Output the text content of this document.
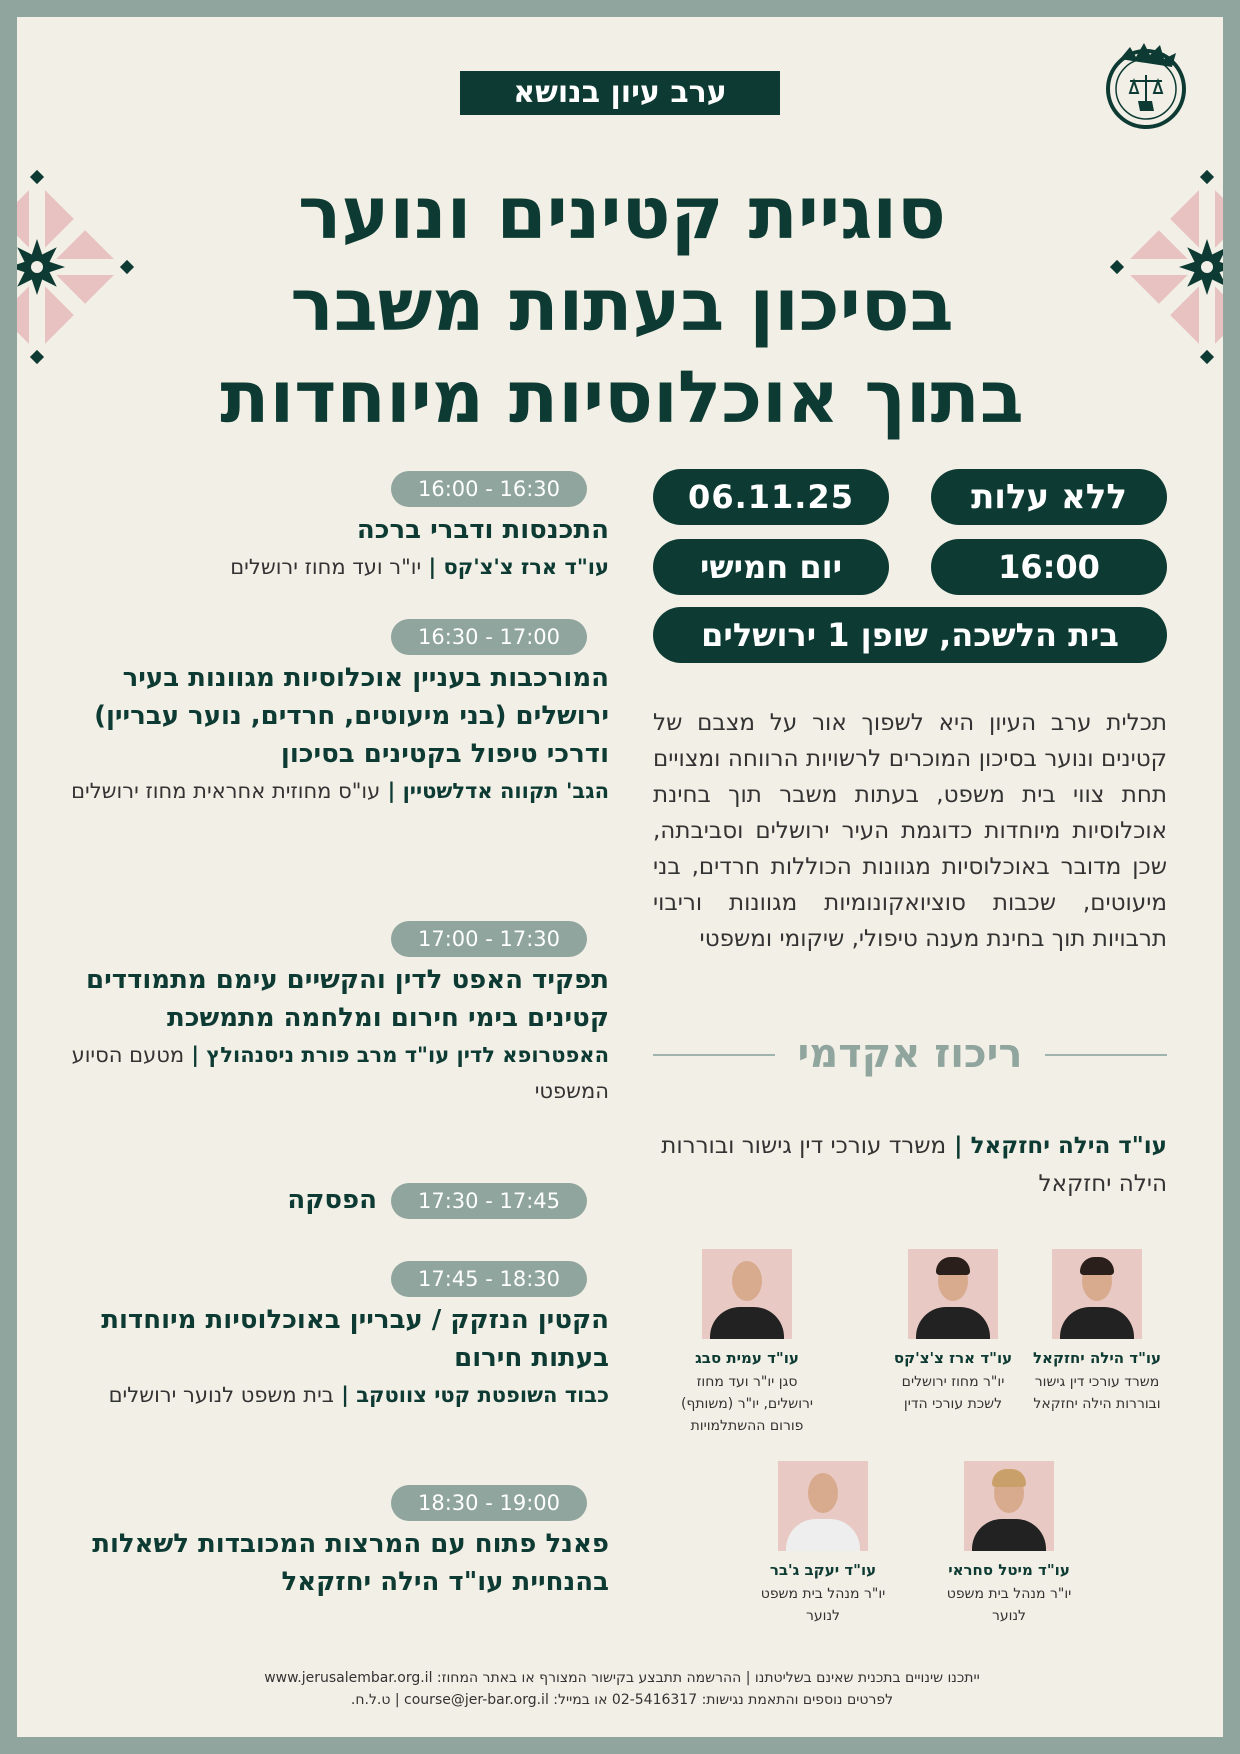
ערב עיון בנושא
סוגיית קטינים ונוער
בסיכון בעתות משבר
בתוך אוכלוסיות מיוחדות
ללא עלות
06.11.25
16:00
יום חמישי
בית הלשכה, שופן 1 ירושלים
תכלית ערב העיון היא לשפוך אור על מצבם של קטינים ונוער בסיכון המוכרים לרשויות הרווחה ומצויים תחת צווי בית משפט, בעתות משבר תוך בחינת אוכלוסיות מיוחדות כדוגמת העיר ירושלים וסביבתה, שכן מדובר באוכלוסיות מגוונות הכוללות חרדים, בני מיעוטים, שכבות סוציואקונומיות מגוונות וריבוי תרבויות תוך בחינת מענה טיפולי, שיקומי ומשפטי
ריכוז אקדמי
עו"ד הילה יחזקאל | משרד עורכי דין גישור ובוררות הילה יחזקאל
עו"ד הילה יחזקאל
משרד עורכי דין גישור ובוררות הילה יחזקאל
עו"ד ארז צ'צ'קס
יו"ר מחוז ירושלים לשכת עורכי הדין
עו"ד עמית סבג
סגן יו"ר ועד מחוז ירושלים, יו"ר (משותף) פורום ההשתלמויות
עו"ד מיטל סחראי
יו"ר מנהל בית משפט לנוער
עו"ד יעקב ג'בר
יו"ר מנהל בית משפט לנוער
16:30 - 16:00
התכנסות ודברי ברכה
עו"ד ארז צ'צ'קס | יו"ר ועד מחוז ירושלים
17:00 - 16:30
המורכבות בעניין אוכלוסיות מגוונות בעיר ירושלים (בני מיעוטים, חרדים, נוער עבריין) ודרכי טיפול בקטינים בסיכון
הגב' תקווה אדלשטיין | עו"ס מחוזית אחראית מחוז ירושלים
17:30 - 17:00
תפקיד האפט לדין והקשיים עימם מתמודדים קטינים בימי חירום ומלחמה מתמשכת
האפטרופא לדין עו"ד מרב פורת ניסנהולץ | מטעם הסיוע המשפטי
17:45 - 17:30
הפסקה
18:30 - 17:45
הקטין הנזקק / עבריין באוכלוסיות מיוחדות בעתות חירום
כבוד השופטת קטי צווטקב | בית משפט לנוער ירושלים
19:00 - 18:30
פאנל פתוח עם המרצות המכובדות לשאלות בהנחיית עו"ד הילה יחזקאל
ייתכנו שינויים בתכנית שאינם בשליטתנו | ההרשמה תתבצע בקישור המצורף או באתר המחוז: www.jerusalembar.org.il
לפרטים נוספים והתאמת נגישות: 02-5416317 או במייל: course@jer-bar.org.il | ט.ל.ח.
